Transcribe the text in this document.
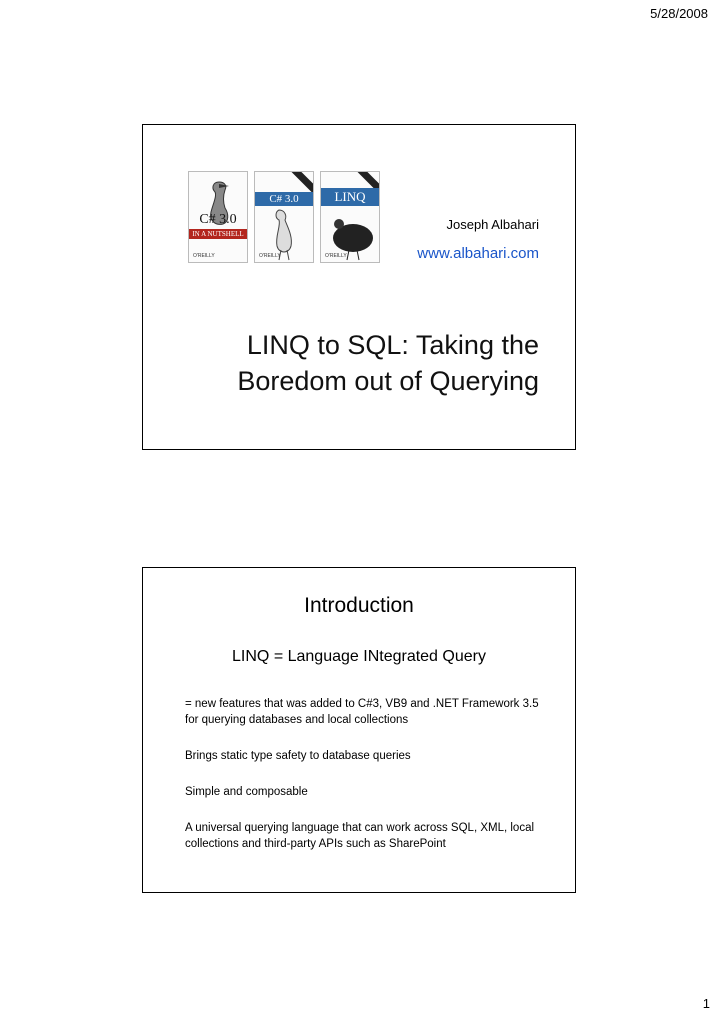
5/28/2008
C# 3.0
IN A NUTSHELL
O'REILLY
C# 3.0
O'REILLY
LINQ
O'REILLY
Joseph Albahari
www.albahari.com
LINQ to SQL: Taking the
Boredom out of Querying
Introduction
LINQ = Language INtegrated Query

= new features that was added to C#3, VB9 and .NET Framework 3.5 for querying databases and local collections

Brings static type safety to database queries

Simple and composable

A universal querying language that can work across SQL, XML, local collections and third-party APIs such as SharePoint

1
